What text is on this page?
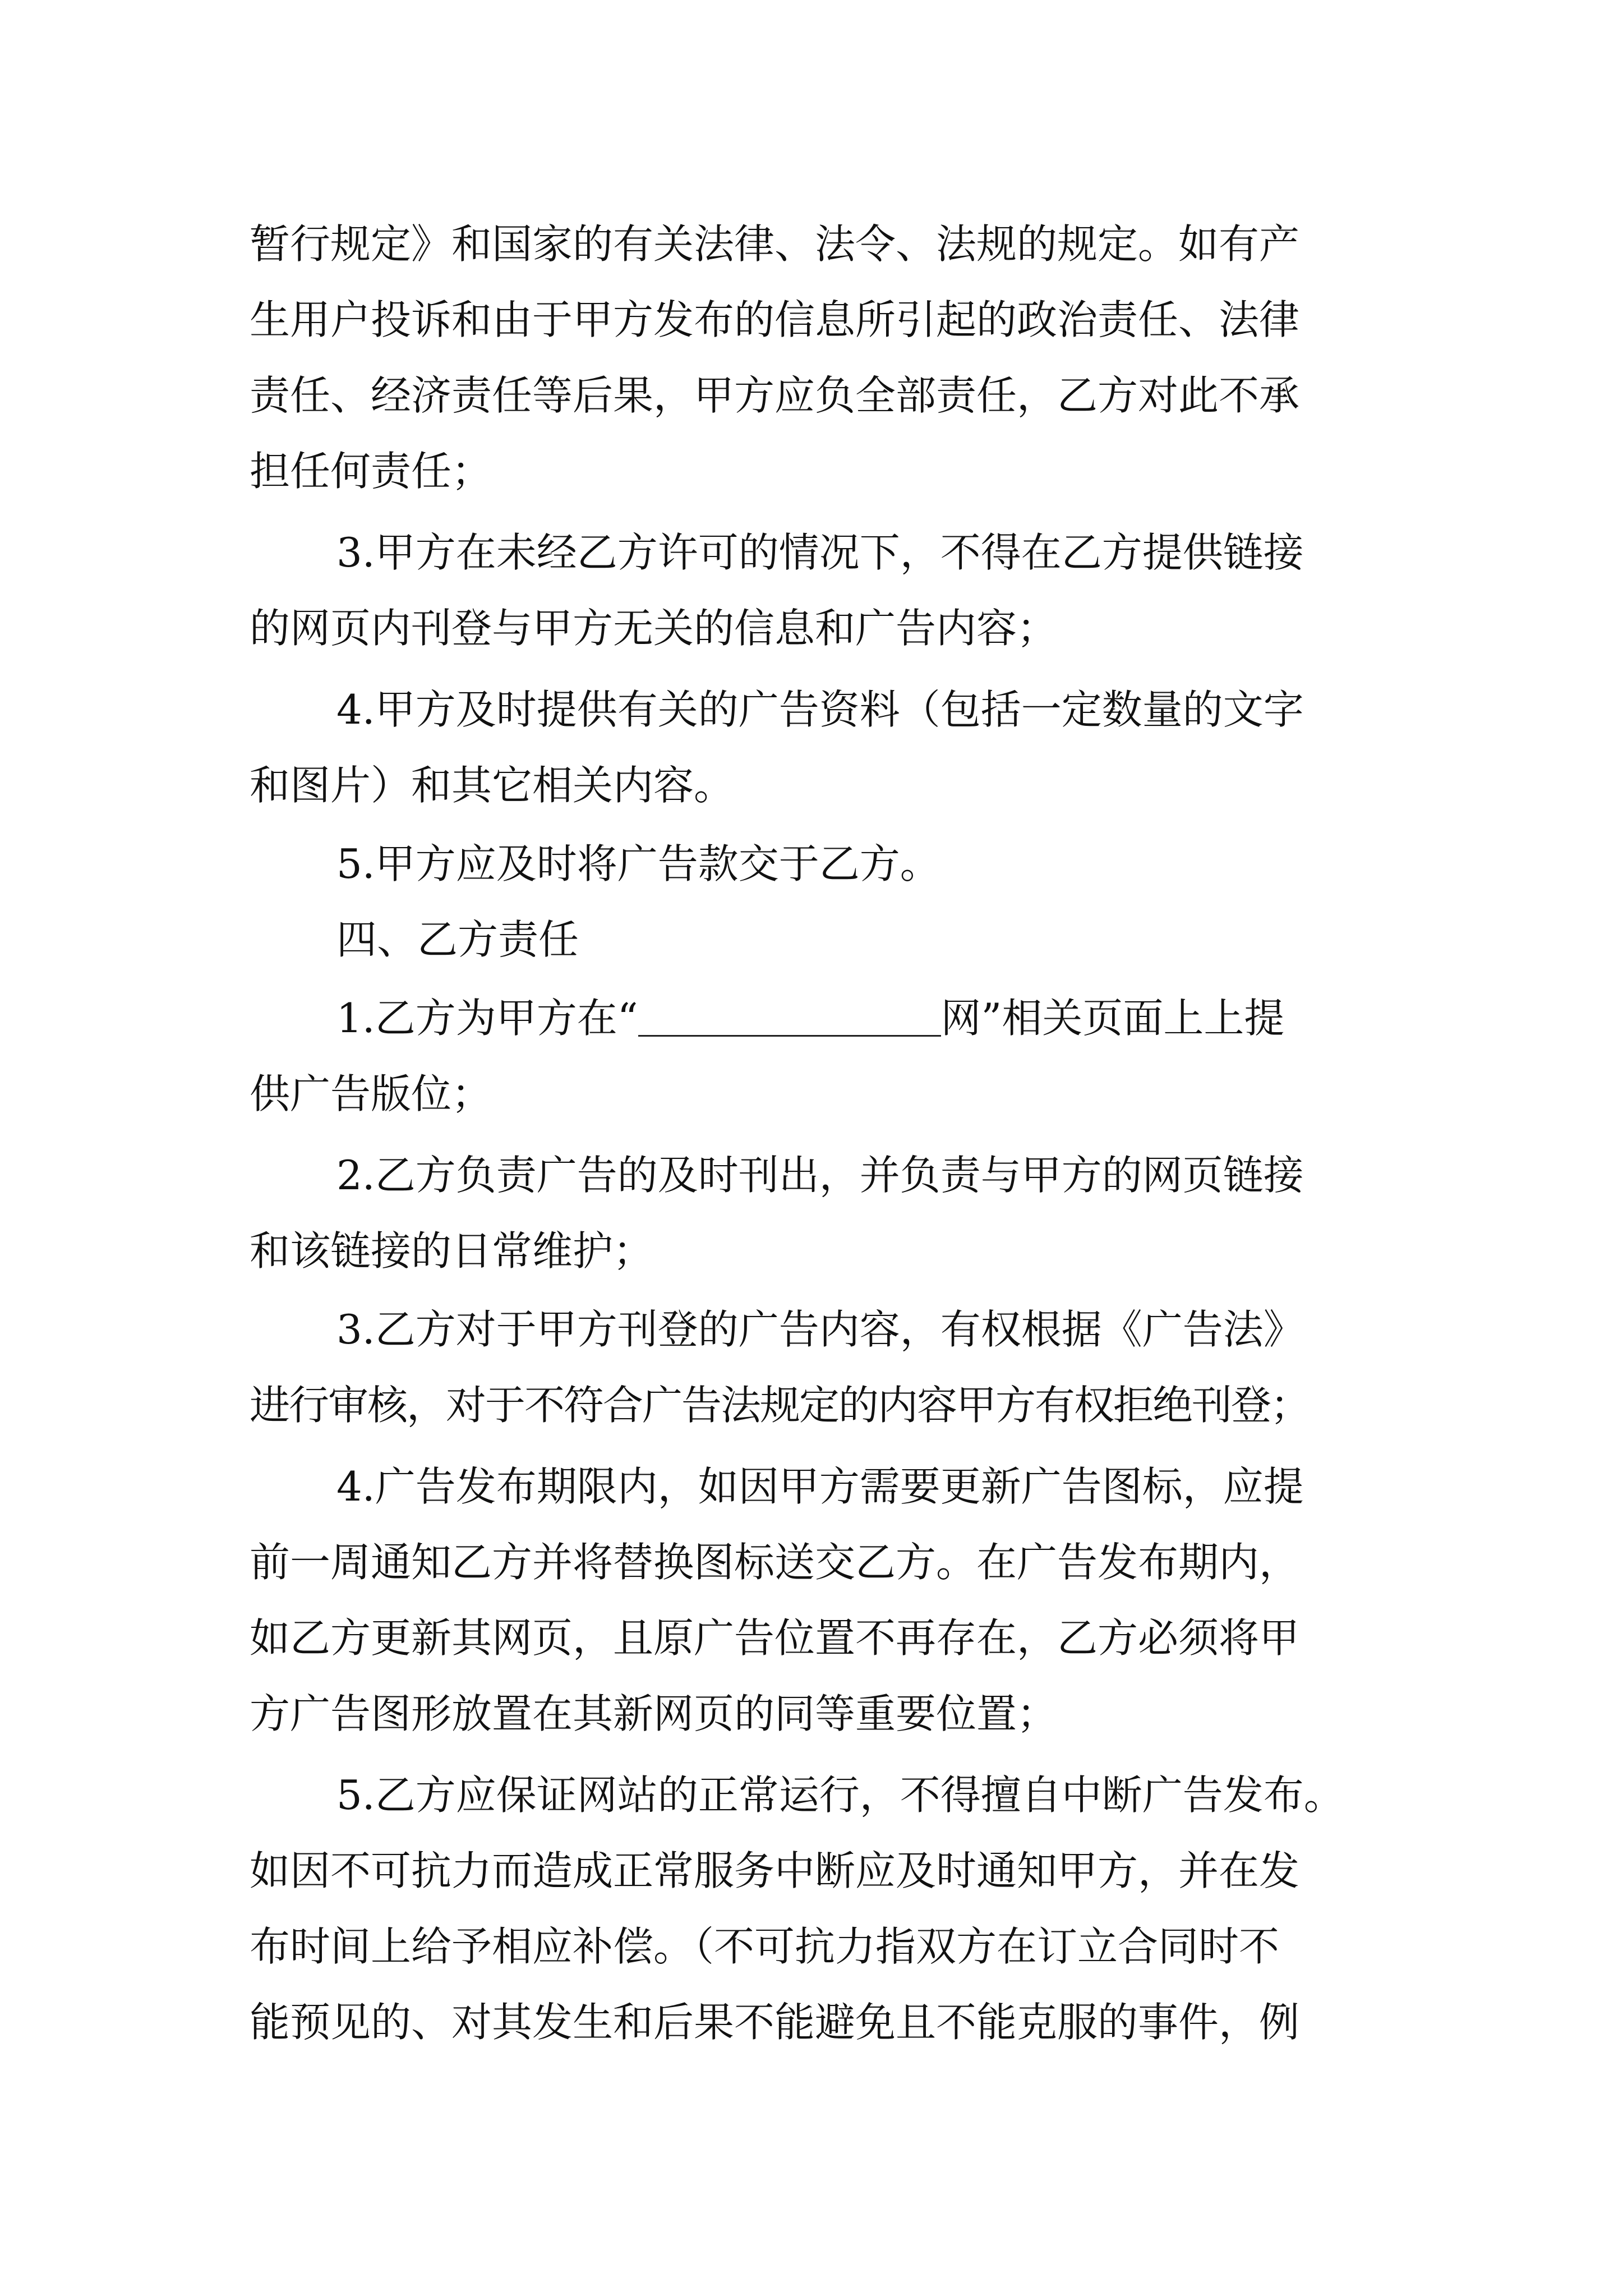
暂行规定》和国家的有关法律、法令、法规的规定。如有产
生用户投诉和由于甲方发布的信息所引起的政治责任、法律
责任、经济责任等后果，甲方应负全部责任，乙方对此不承
担任何责任；
3.甲方在未经乙方许可的情况下，不得在乙方提供链接
的网页内刊登与甲方无关的信息和广告内容；
4.甲方及时提供有关的广告资料（包括一定数量的文字
和图片）和其它相关内容。
5.甲方应及时将广告款交于乙方。
四、乙方责任
1.乙方为甲方在“	网”相关页面上上提
供广告版位；
2.乙方负责广告的及时刊出，并负责与甲方的网页链接
和该链接的日常维护；
3.乙方对于甲方刊登的广告内容，有权根据《广告法》
进行审核，对于不符合广告法规定的内容甲方有权拒绝刊登；
4.广告发布期限内，如因甲方需要更新广告图标，应提
前一周通知乙方并将替换图标送交乙方。在广告发布期内，
如乙方更新其网页，且原广告位置不再存在，乙方必须将甲
方广告图形放置在其新网页的同等重要位置；
5.乙方应保证网站的正常运行，不得擅自中断广告发布。
如因不可抗力而造成正常服务中断应及时通知甲方，并在发
布时间上给予相应补偿。（不可抗力指双方在订立合同时不
能预见的、对其发生和后果不能避免且不能克服的事件，例
